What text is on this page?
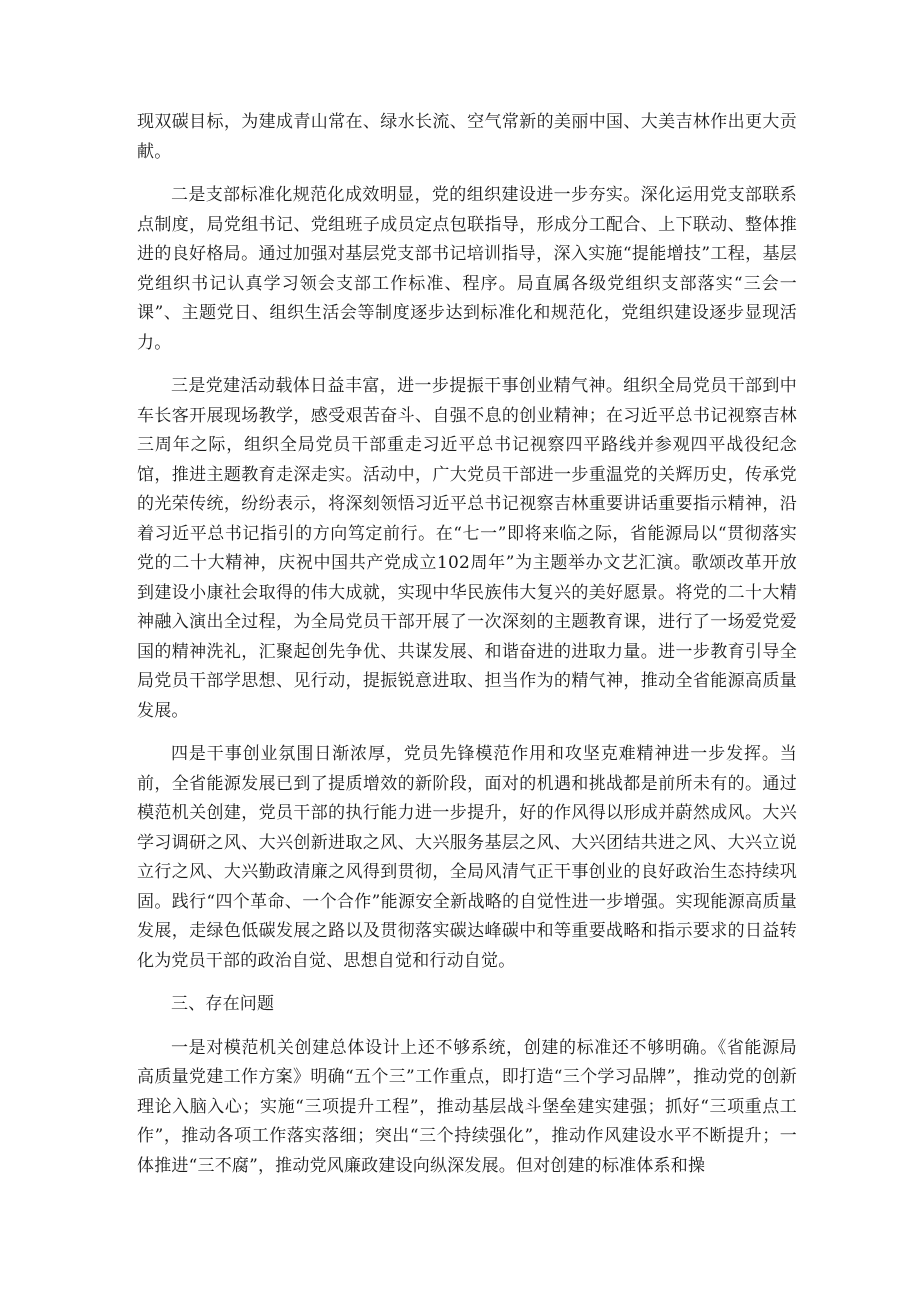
现双碳目标，为建成青山常在、绿水长流、空气常新的美丽中国、大美吉林作出更大贡献。

二是支部标准化规范化成效明显，党的组织建设进一步夯实。深化运用党支部联系点制度，局党组书记、党组班子成员定点包联指导，形成分工配合、上下联动、整体推进的良好格局。通过加强对基层党支部书记培训指导，深入实施“提能增技”工程，基层党组织书记认真学习领会支部工作标准、程序。局直属各级党组织支部落实“三会一课”、主题党日、组织生活会等制度逐步达到标准化和规范化，党组织建设逐步显现活力。

三是党建活动载体日益丰富，进一步提振干事创业精气神。组织全局党员干部到中车长客开展现场教学，感受艰苦奋斗、自强不息的创业精神；在习近平总书记视察吉林三周年之际，组织全局党员干部重走习近平总书记视察四平路线并参观四平战役纪念馆，推进主题教育走深走实。活动中，广大党员干部进一步重温党的关辉历史，传承党的光荣传统，纷纷表示，将深刻领悟习近平总书记视察吉林重要讲话重要指示精神，沿着习近平总书记指引的方向笃定前行。在“七一”即将来临之际，省能源局以“贯彻落实党的二十大精神，庆祝中国共产党成立102周年”为主题举办文艺汇演。歌颂改革开放到建设小康社会取得的伟大成就，实现中华民族伟大复兴的美好愿景。将党的二十大精神融入演出全过程，为全局党员干部开展了一次深刻的主题教育课，进行了一场爱党爱国的精神洗礼，汇聚起创先争优、共谋发展、和谐奋进的进取力量。进一步教育引导全局党员干部学思想、见行动，提振锐意进取、担当作为的精气神，推动全省能源高质量发展。

四是干事创业氛围日渐浓厚，党员先锋模范作用和攻坚克难精神进一步发挥。当前，全省能源发展已到了提质增效的新阶段，面对的机遇和挑战都是前所未有的。通过模范机关创建，党员干部的执行能力进一步提升，好的作风得以形成并蔚然成风。大兴学习调研之风、大兴创新进取之风、大兴服务基层之风、大兴团结共进之风、大兴立说立行之风、大兴勤政清廉之风得到贯彻，全局风清气正干事创业的良好政治生态持续巩固。践行“四个革命、一个合作”能源安全新战略的自觉性进一步增强。实现能源高质量发展，走绿色低碳发展之路以及贯彻落实碳达峰碳中和等重要战略和指示要求的日益转化为党员干部的政治自觉、思想自觉和行动自觉。

三、存在问题

一是对模范机关创建总体设计上还不够系统，创建的标准还不够明确。《省能源局高质量党建工作方案》明确“五个三”工作重点，即打造“三个学习品牌”，推动党的创新理论入脑入心；实施“三项提升工程”，推动基层战斗堡垒建实建强；抓好“三项重点工作”，推动各项工作落实落细；突出“三个持续强化”，推动作风建设水平不断提升；一体推进“三不腐”，推动党风廉政建设向纵深发展。但对创建的标准体系和操
